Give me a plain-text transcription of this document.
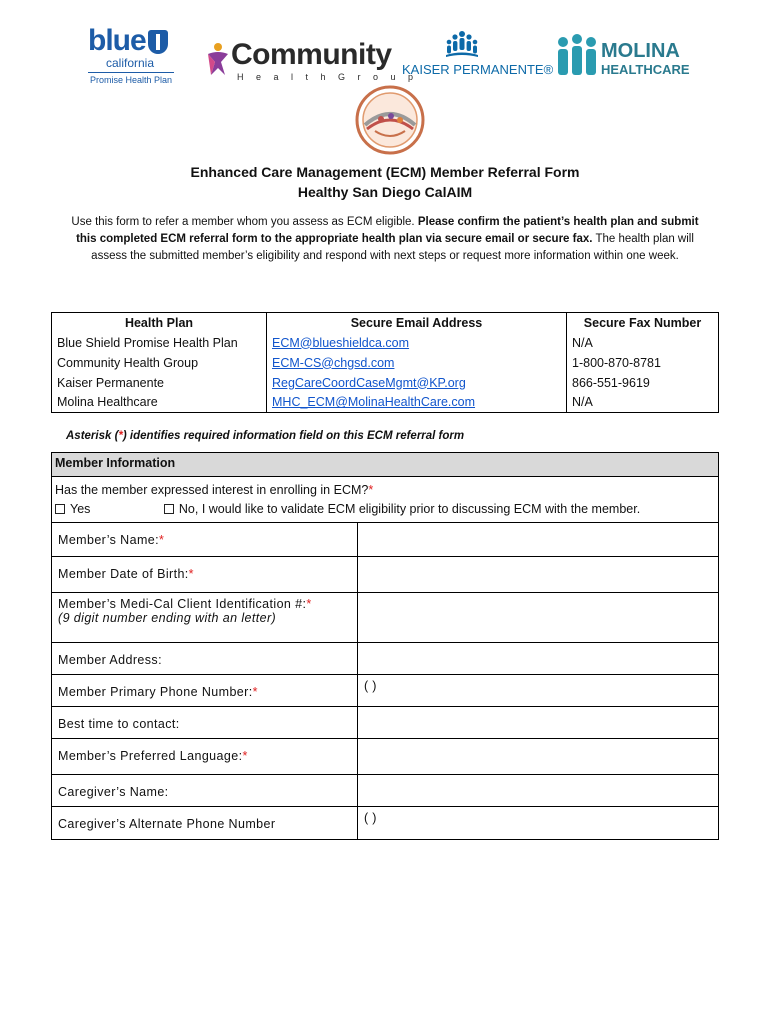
blue
california
Promise Health Plan
Community
H e a l t h G r o u p
KAISER PERMANENTE®
MOLINA
HEALTHCARE
Enhanced Care Management (ECM) Member Referral Form
Healthy San Diego CalAIM

Use this form to refer a member whom you assess as ECM eligible. Please confirm the patient’s health plan and submit this completed ECM referral form to the appropriate health plan via secure email or secure fax. The health plan will assess the submitted member’s eligibility and respond with next steps or request more information within one week.

Health Plan	Secure Email Address	Secure Fax Number
Blue Shield Promise Health Plan	ECM@blueshieldca.com	N/A
Community Health Group	ECM-CS@chgsd.com	1-800-870-8781
Kaiser Permanente	RegCareCoordCaseMgmt@KP.org	866-551-9619
Molina Healthcare	MHC_ECM@MolinaHealthCare.com	N/A

Asterisk (*) identifies required information field on this ECM referral form

Member Information
Has the member expressed interest in enrolling in ECM?*
Yes	No, I would like to validate ECM eligibility prior to discussing ECM with the member.
Member’s Name:*
Member Date of Birth:*
Member’s Medi-Cal Client Identification #:*
(9 digit number ending with an letter)
Member Address:
Member Primary Phone Number:*	( )
Best time to contact:
Member’s Preferred Language:*
Caregiver’s Name:
Caregiver’s Alternate Phone Number	( )
